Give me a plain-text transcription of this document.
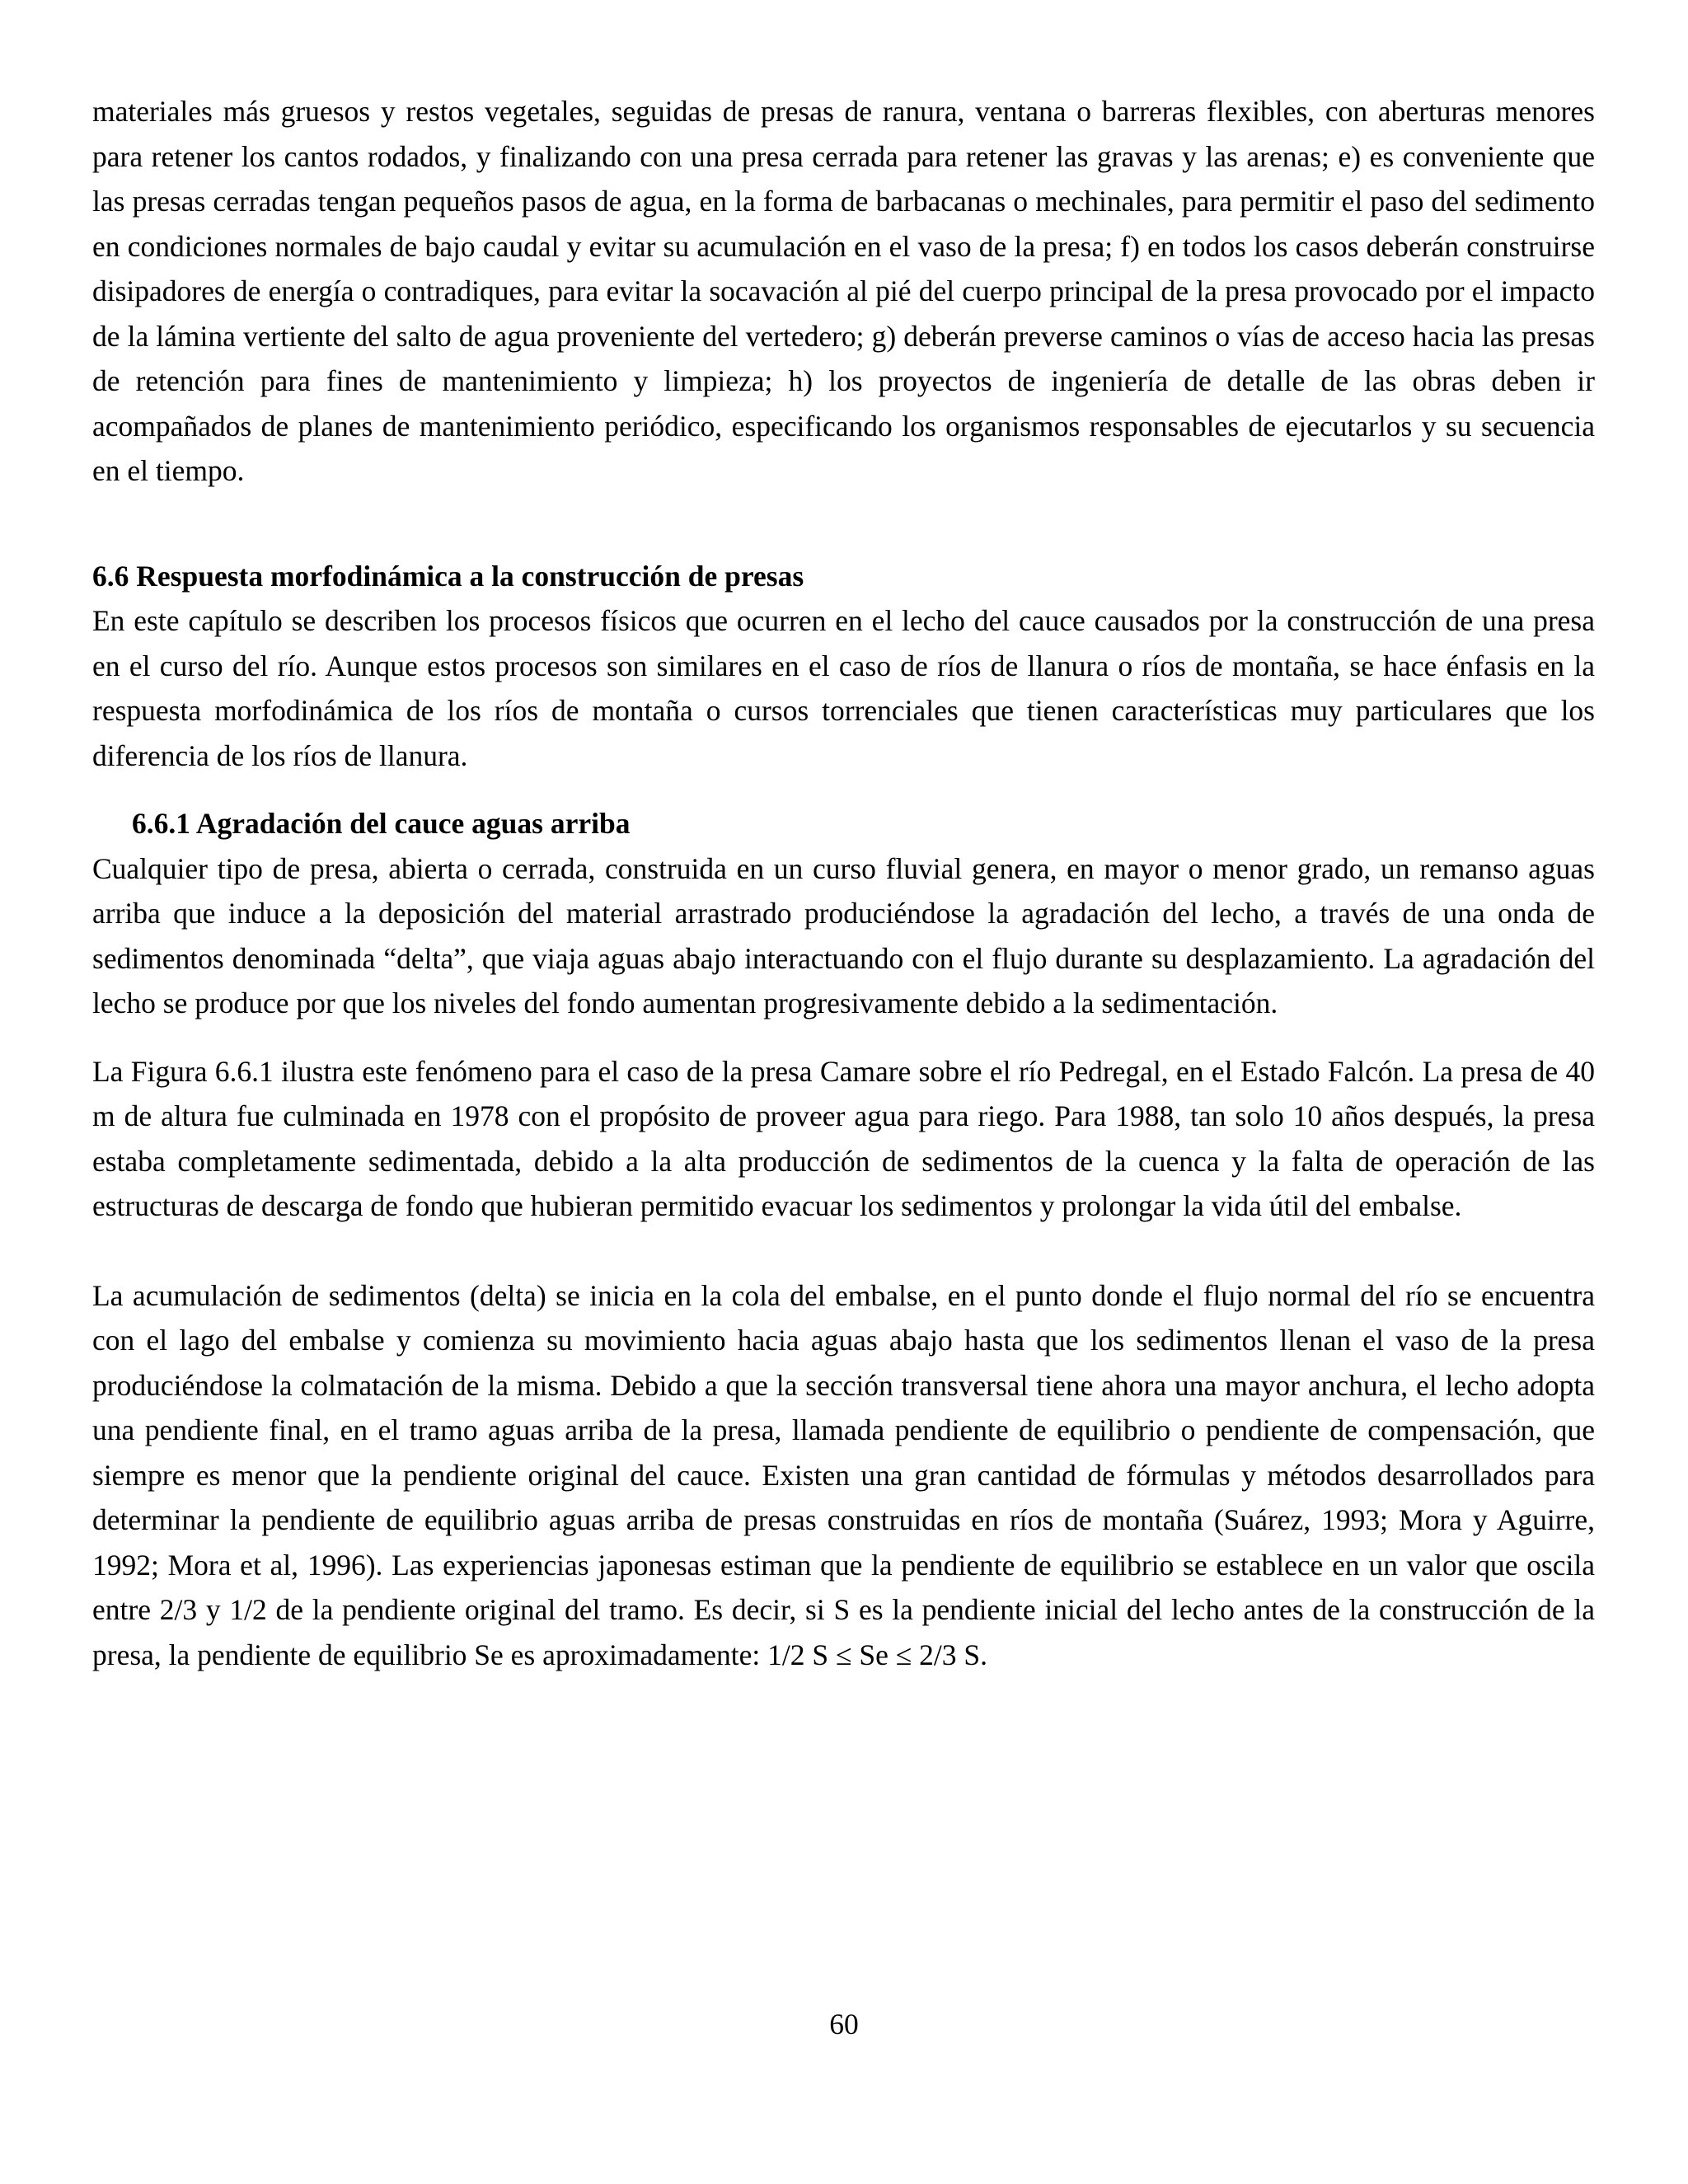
materiales más gruesos y restos vegetales, seguidas de presas de ranura, ventana o barreras flexibles, con aberturas menores para retener los cantos rodados, y finalizando con una presa cerrada para retener las gravas y las arenas; e) es conveniente que las presas cerradas tengan pequeños pasos de agua, en la forma de barbacanas o mechinales, para permitir el paso del sedimento en condiciones normales de bajo caudal y evitar su acumulación en el vaso de la presa; f) en todos los casos deberán construirse disipadores de energía o contradiques, para evitar la socavación al pié del cuerpo principal de la presa provocado por el impacto de la lámina vertiente del salto de agua proveniente del vertedero; g) deberán preverse caminos o vías de acceso hacia las presas de retención para fines de mantenimiento y limpieza; h) los proyectos de ingeniería de detalle de las obras deben ir acompañados de planes de mantenimiento periódico, especificando los organismos responsables de ejecutarlos y su secuencia en el tiempo.

6.6 Respuesta morfodinámica a la construcción de presas

En este capítulo se describen los procesos físicos que ocurren en el lecho del cauce causados por la construcción de una presa en el curso del río. Aunque estos procesos son similares en el caso de ríos de llanura o ríos de montaña, se hace énfasis en la respuesta morfodinámica de los ríos de montaña o cursos torrenciales que tienen características muy particulares que los diferencia de los ríos de llanura.

6.6.1 Agradación del cauce aguas arriba

Cualquier tipo de presa, abierta o cerrada, construida en un curso fluvial genera, en mayor o menor grado, un remanso aguas arriba que induce a la deposición del material arrastrado produciéndose la agradación del lecho, a través de una onda de sedimentos denominada “delta”, que viaja aguas abajo interactuando con el flujo durante su desplazamiento. La agradación del lecho se produce por que los niveles del fondo aumentan progresivamente debido a la sedimentación.

La Figura 6.6.1 ilustra este fenómeno para el caso de la presa Camare sobre el río Pedregal, en el Estado Falcón. La presa de 40 m de altura fue culminada en 1978 con el propósito de proveer agua para riego. Para 1988, tan solo 10 años después, la presa estaba completamente sedimentada, debido a la alta producción de sedimentos de la cuenca y la falta de operación de las estructuras de descarga de fondo que hubieran permitido evacuar los sedimentos y prolongar la vida útil del embalse.

La acumulación de sedimentos (delta) se inicia en la cola del embalse, en el punto donde el flujo normal del río se encuentra con el lago del embalse y comienza su movimiento hacia aguas abajo hasta que los sedimentos llenan el vaso de la presa produciéndose la colmatación de la misma. Debido a que la sección transversal tiene ahora una mayor anchura, el lecho adopta una pendiente final, en el tramo aguas arriba de la presa, llamada pendiente de equilibrio o pendiente de compensación, que siempre es menor que la pendiente original del cauce. Existen una gran cantidad de fórmulas y métodos desarrollados para determinar la pendiente de equilibrio aguas arriba de presas construidas en ríos de montaña (Suárez, 1993; Mora y Aguirre, 1992; Mora et al, 1996). Las experiencias japonesas estiman que la pendiente de equilibrio se establece en un valor que oscila entre 2/3 y 1/2 de la pendiente original del tramo. Es decir, si S es la pendiente inicial del lecho antes de la construcción de la presa, la pendiente de equilibrio Se es aproximadamente: 1/2 S ≤ Se ≤ 2/3 S.

60
